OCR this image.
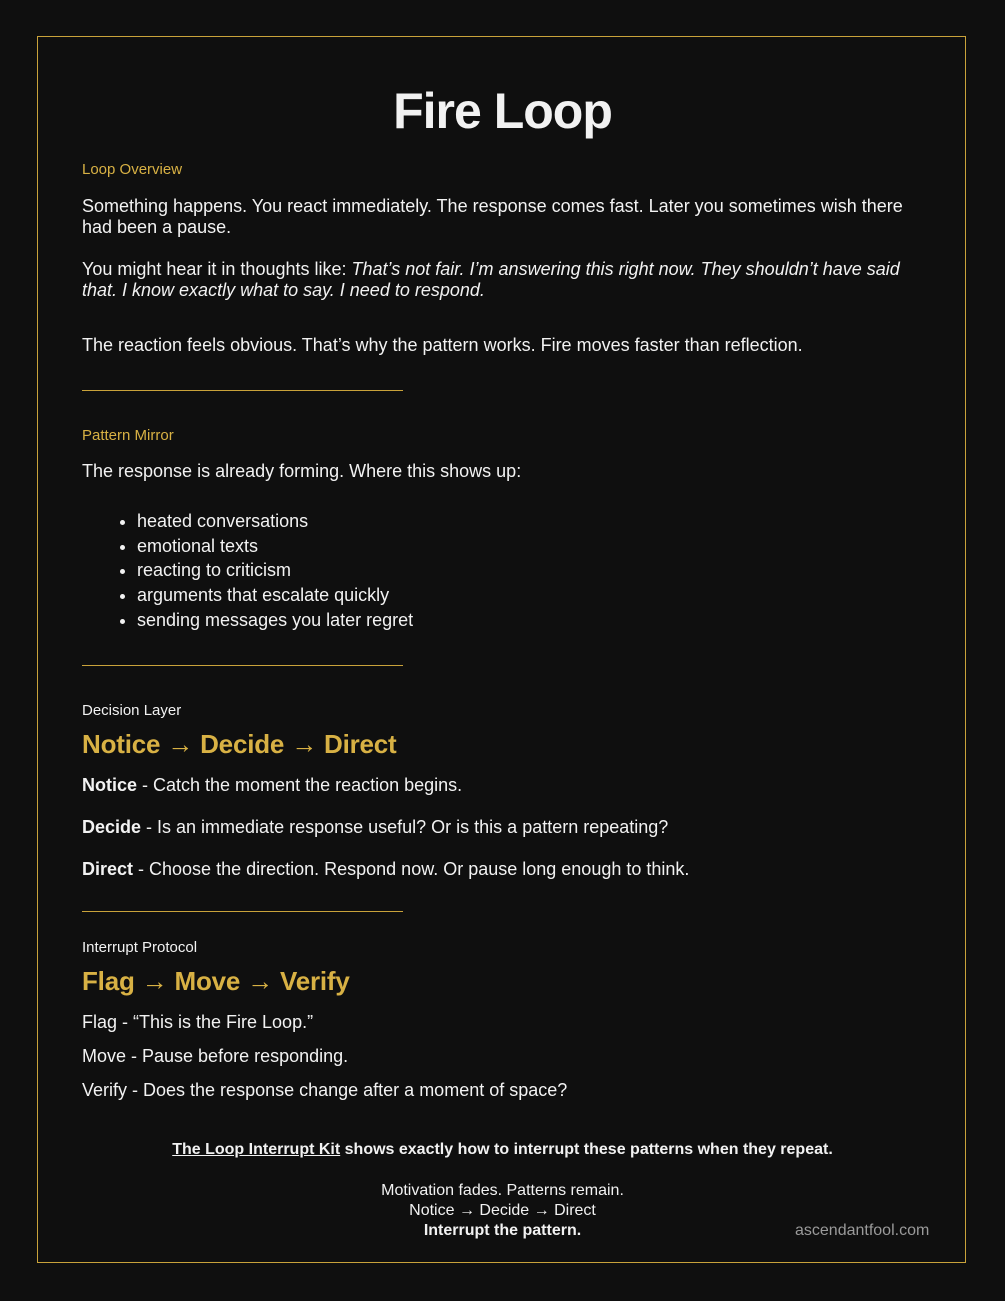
Fire Loop
Loop Overview

Something happens. You react immediately. The response comes fast. Later you sometimes wish there had been a pause.

You might hear it in thoughts like: That’s not fair. I’m answering this right now. They shouldn’t have said that. I know exactly what to say. I need to respond.

The reaction feels obvious. That’s why the pattern works. Fire moves faster than reflection.

Pattern Mirror

The response is already forming. Where this shows up:

• heated conversations
• emotional texts
• reacting to criticism
• arguments that escalate quickly
• sending messages you later regret
Decision Layer
Notice → Decide → Direct

Notice - Catch the moment the reaction begins.

Decide - Is an immediate response useful? Or is this a pattern repeating?

Direct - Choose the direction. Respond now. Or pause long enough to think.

Interrupt Protocol
Flag → Move → Verify

Flag - “This is the Fire Loop.”

Move - Pause before responding.

Verify - Does the response change after a moment of space?

The Loop Interrupt Kit shows exactly how to interrupt these patterns when they repeat.
Motivation fades. Patterns remain.
Notice → Decide → Direct
Interrupt the pattern.	ascendantfool.com
